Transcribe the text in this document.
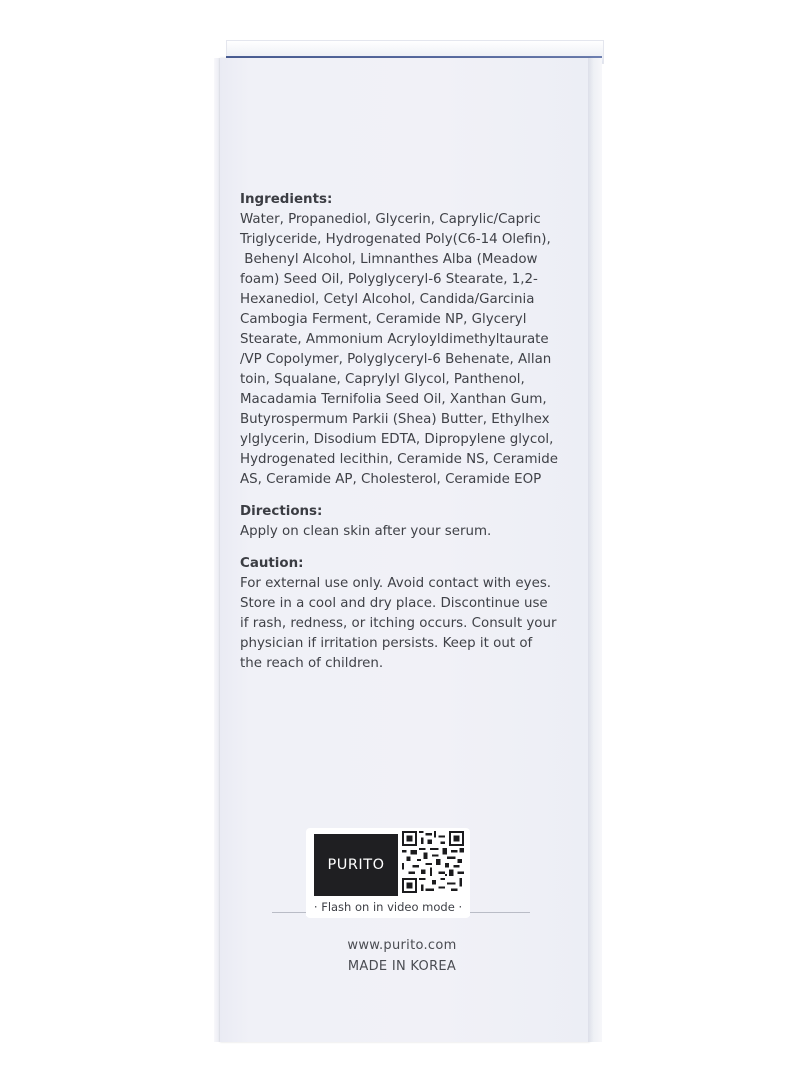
Ingredients:

Water, Propanediol, Glycerin, Caprylic/Capric
Triglyceride, Hydrogenated Poly(C6-14 Olefin),
Behenyl Alcohol, Limnanthes Alba (Meadow
foam) Seed Oil, Polyglyceryl-6 Stearate, 1,2-
Hexanediol, Cetyl Alcohol, Candida/Garcinia
Cambogia Ferment, Ceramide NP, Glyceryl
Stearate, Ammonium Acryloyldimethyltaurate
/VP Copolymer, Polyglyceryl-6 Behenate, Allan
toin, Squalane, Caprylyl Glycol, Panthenol,
Macadamia Ternifolia Seed Oil, Xanthan Gum,
Butyrospermum Parkii (Shea) Butter, Ethylhex
ylglycerin, Disodium EDTA, Dipropylene glycol,
Hydrogenated lecithin, Ceramide NS, Ceramide
AS, Ceramide AP, Cholesterol, Ceramide EOP

Directions:

Apply on clean skin after your serum.

Caution:

For external use only. Avoid contact with eyes.
Store in a cool and dry place. Discontinue use
if rash, redness, or itching occurs. Consult your
physician if irritation persists. Keep it out of
the reach of children.

PURITO
· Flash on in video mode ·
www.purito.com
MADE IN KOREA
